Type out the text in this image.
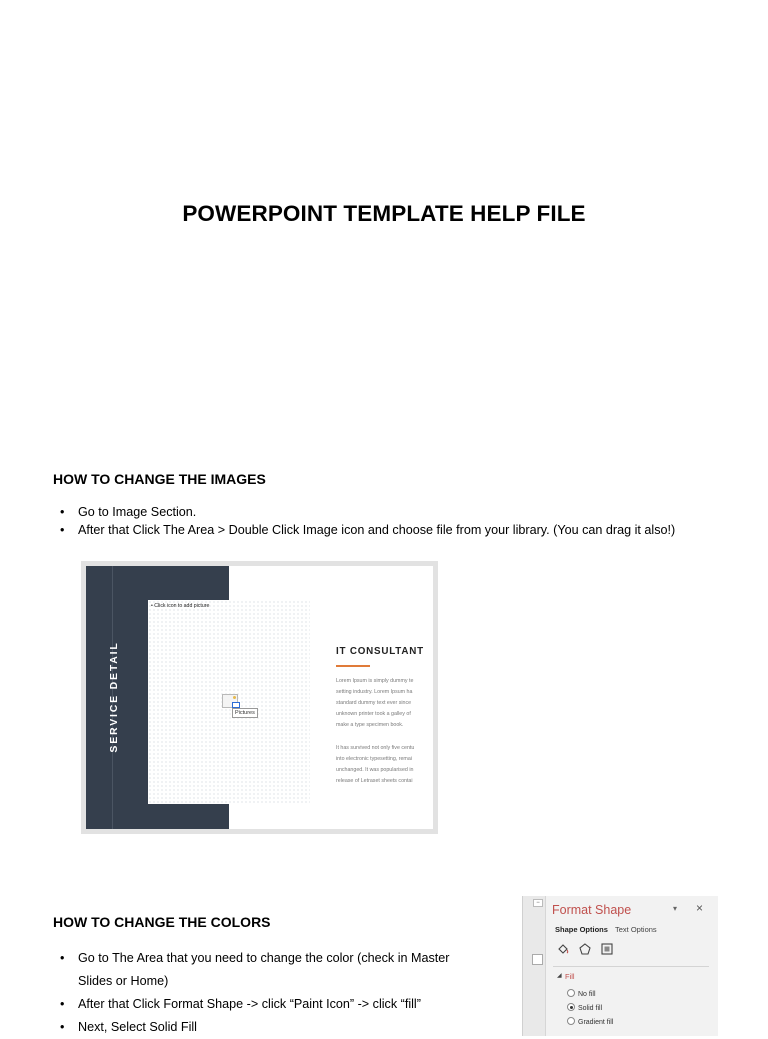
POWERPOINT TEMPLATE HELP FILE
HOW TO CHANGE THE IMAGES
• Go to Image Section.
• After that Click The Area > Double Click Image icon and choose file from your library. (You can drag it also!)
SERVICE DETAIL
• Click icon to add picture
Pictures
IT CONSULTANT
Lorem Ipsum is simply dummy te
setting industry. Lorem Ipsum ha
standard dummy text ever since
unknown printer took a galley of
make a type specimen book.
It has survived not only five centu
into electronic typesetting, remai
unchanged. It was popularised in
release of Letraset sheets contai
HOW TO CHANGE THE COLORS
• Go to The Area that you need to change the color (check in Master Slides or Home)
• After that Click Format Shape -> click “Paint Icon” -> click “fill”
• Next, Select Solid Fill
− Format Shape	▾ ×
Shape Options Text Options
◢ Fill
No fill
Solid fill
Gradient fill
